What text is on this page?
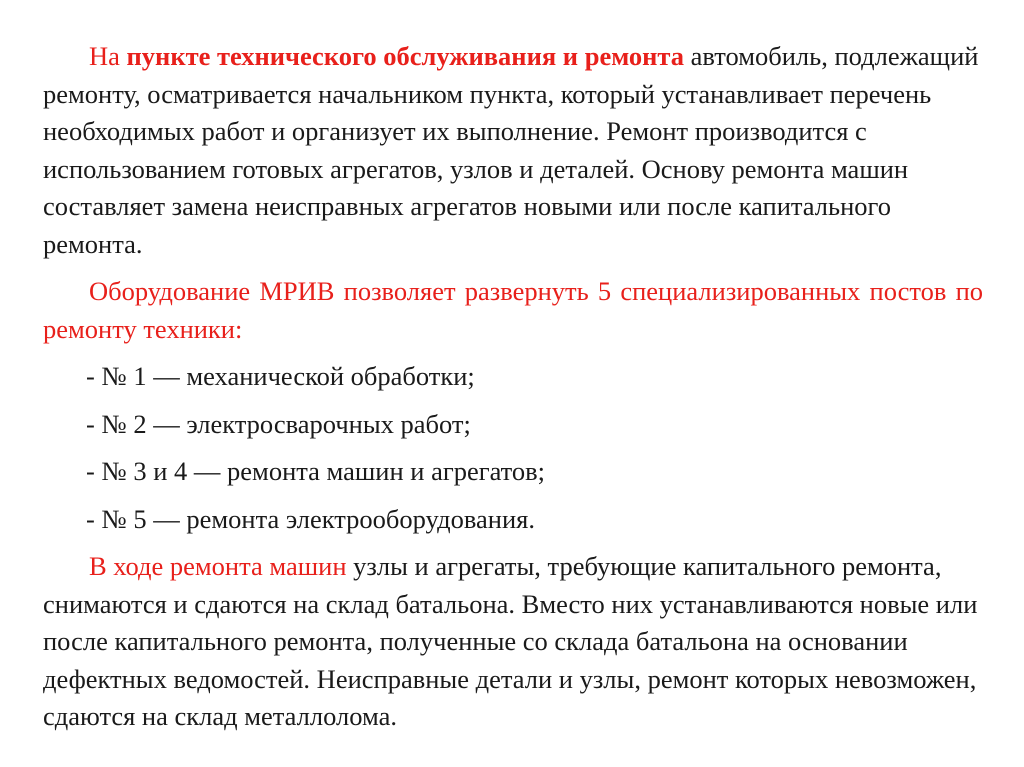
На пункте технического обслуживания и ремонта автомобиль, подлежащий ремонту, осматривается начальником пункта, который устанавливает перечень необходимых работ и организует их выполнение. Ремонт производится с использованием готовых агрегатов, узлов и деталей. Основу ремонта машин составляет замена неисправных агрегатов новыми или после капитального ремонта.

Оборудование МРИВ позволяет развернуть 5 специализированных постов по ремонту техники:

- № 1 — механической обработки;

- № 2 — электросварочных работ;

- № 3 и 4 — ремонта машин и агрегатов;

- № 5 — ремонта электрооборудования.

В ходе ремонта машин узлы и агрегаты, требующие капитального ремонта, снимаются и сдаются на склад батальона. Вместо них устанавливаются новые или после капитального ремонта, полученные со склада батальона на основании дефектных ведомостей. Неисправные детали и узлы, ремонт которых невозможен, сдаются на склад металлолома.
